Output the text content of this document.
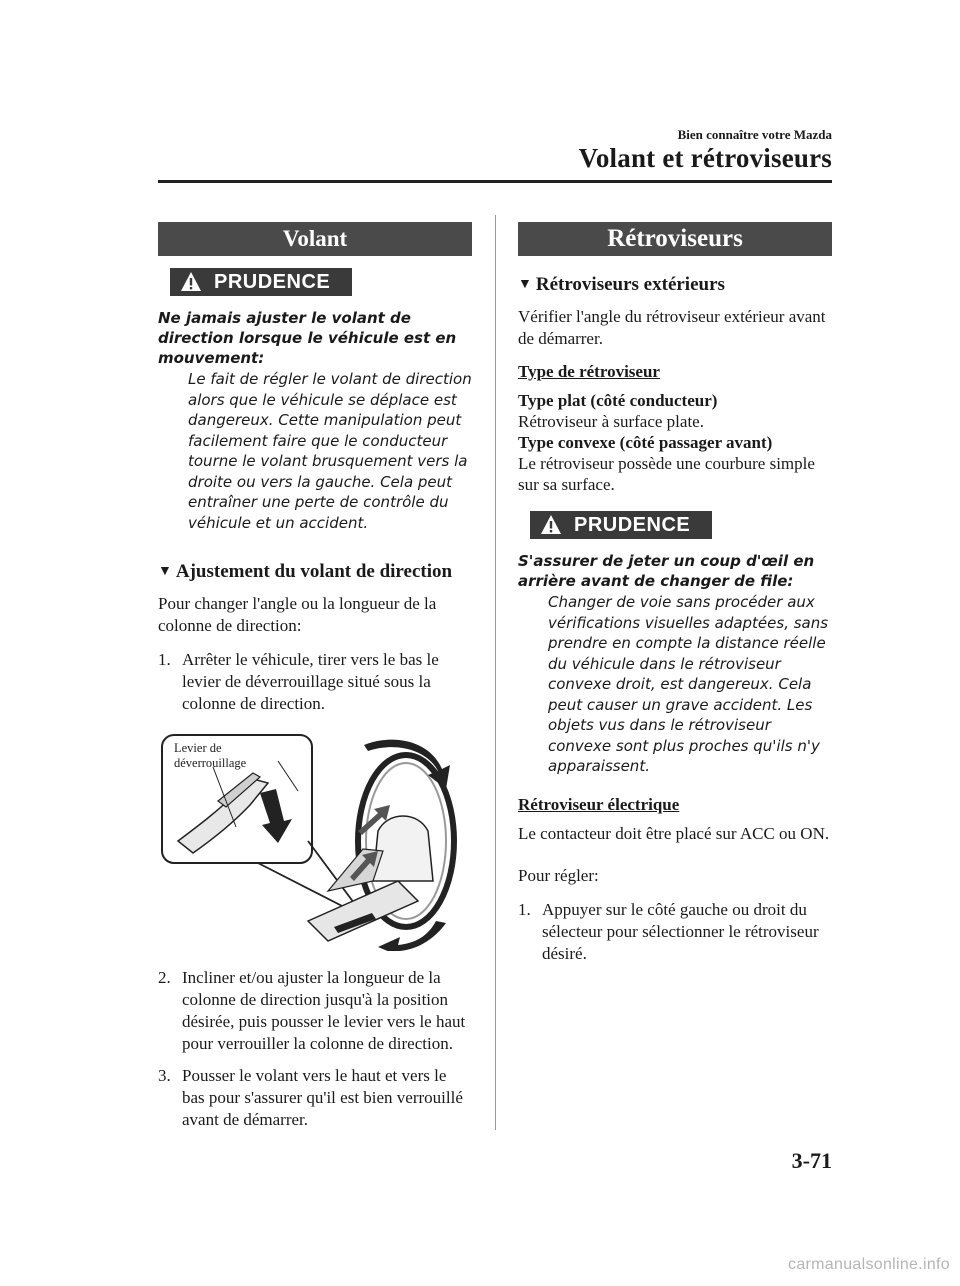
Bien connaître votre Mazda
Volant et rétroviseurs
Volant
PRUDENCE
Ne jamais ajuster le volant de direction lorsque le véhicule est en mouvement:
Le fait de régler le volant de direction alors que le véhicule se déplace est dangereux. Cette manipulation peut facilement faire que le conducteur tourne le volant brusquement vers la droite ou vers la gauche. Cela peut entraîner une perte de contrôle du véhicule et un accident.
▼ Ajustement du volant de direction

Pour changer l'angle ou la longueur de la colonne de direction:

1. Arrêter le véhicule, tirer vers le bas le levier de déverrouillage situé sous la colonne de direction.
Levier de
déverrouillage
2. Incliner et/ou ajuster la longueur de la colonne de direction jusqu'à la position désirée, puis pousser le levier vers le haut pour verrouiller la colonne de direction.
3. Pousser le volant vers le haut et vers le bas pour s'assurer qu'il est bien verrouillé avant de démarrer.
Rétroviseurs
▼ Rétroviseurs extérieurs

Vérifier l'angle du rétroviseur extérieur avant de démarrer.

Type de rétroviseur
Type plat (côté conducteur)
Rétroviseur à surface plate.
Type convexe (côté passager avant)
Le rétroviseur possède une courbure simple sur sa surface.
PRUDENCE
S'assurer de jeter un coup d'œil en arrière avant de changer de file:
Changer de voie sans procéder aux vérifications visuelles adaptées, sans prendre en compte la distance réelle du véhicule dans le rétroviseur convexe droit, est dangereux. Cela peut causer un grave accident. Les objets vus dans le rétroviseur convexe sont plus proches qu'ils n'y apparaissent.
Rétroviseur électrique

Le contacteur doit être placé sur ACC ou ON.

Pour régler:

1. Appuyer sur le côté gauche ou droit du sélecteur pour sélectionner le rétroviseur désiré.
3-71
carmanualsonline.info
